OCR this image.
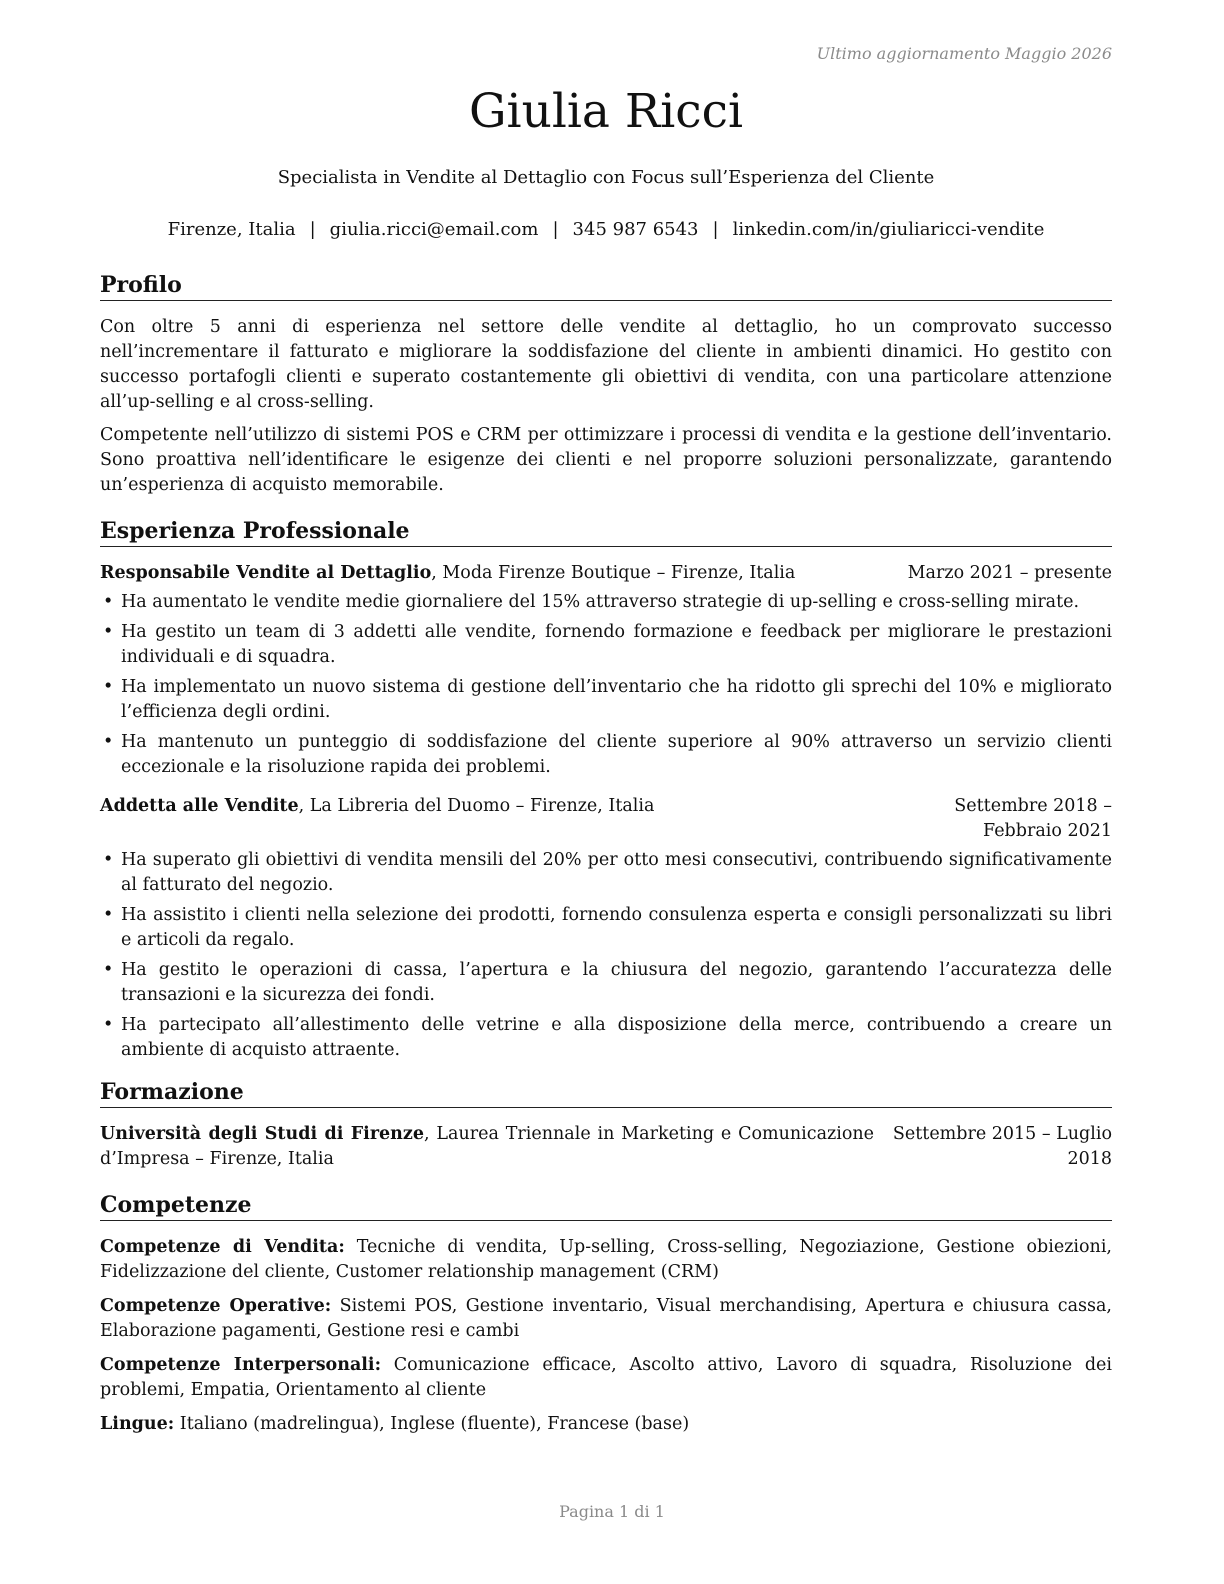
Ultimo aggiornamento Maggio 2026
Giulia Ricci
Specialista in Vendite al Dettaglio con Focus sull’Esperienza del Cliente
Firenze, Italia | giulia.ricci@email.com | 345 987 6543 | linkedin.com/in/giuliaricci-vendite
Profilo

Con oltre 5 anni di esperienza nel settore delle vendite al dettaglio, ho un comprovato successo nell’incrementare il fatturato e migliorare la soddisfazione del cliente in ambienti dinamici. Ho gestito con successo portafogli clienti e superato costantemente gli obiettivi di vendita, con una particolare attenzione all’up-selling e al cross-selling.

Competente nell’utilizzo di sistemi POS e CRM per ottimizzare i processi di vendita e la gestione dell’inventario. Sono proattiva nell’identificare le esigenze dei clienti e nel proporre soluzioni personalizzate, garantendo un’esperienza di acquisto memorabile.

Esperienza Professionale
Responsabile Vendite al Dettaglio, Moda Firenze Boutique – Firenze, Italia	Marzo 2021 – presente
• Ha aumentato le vendite medie giornaliere del 15% attraverso strategie di up-selling e cross-selling mirate.
• Ha gestito un team di 3 addetti alle vendite, fornendo formazione e feedback per migliorare le prestazioni individuali e di squadra.
• Ha implementato un nuovo sistema di gestione dell’inventario che ha ridotto gli sprechi del 10% e migliorato l’efficienza degli ordini.
• Ha mantenuto un punteggio di soddisfazione del cliente superiore al 90% attraverso un servizio clienti eccezionale e la risoluzione rapida dei problemi.
Addetta alle Vendite, La Libreria del Duomo – Firenze, Italia	Settembre 2018 – Febbraio 2021
• Ha superato gli obiettivi di vendita mensili del 20% per otto mesi consecutivi, contribuendo significativamente al fatturato del negozio.
• Ha assistito i clienti nella selezione dei prodotti, fornendo consulenza esperta e consigli personalizzati su libri e articoli da regalo.
• Ha gestito le operazioni di cassa, l’apertura e la chiusura del negozio, garantendo l’accuratezza delle transazioni e la sicurezza dei fondi.
• Ha partecipato all’allestimento delle vetrine e alla disposizione della merce, contribuendo a creare un ambiente di acquisto attraente.
Formazione
Università degli Studi di Firenze, Laurea Triennale in Marketing e Comunicazione d’Impresa – Firenze, Italia
Settembre 2015 – Luglio 2018
Competenze
Competenze di Vendita: Tecniche di vendita, Up-selling, Cross-selling, Negoziazione, Gestione obiezioni, Fidelizzazione del cliente, Customer relationship management (CRM)
Competenze Operative: Sistemi POS, Gestione inventario, Visual merchandising, Apertura e chiusura cassa, Elaborazione pagamenti, Gestione resi e cambi
Competenze Interpersonali: Comunicazione efficace, Ascolto attivo, Lavoro di squadra, Risoluzione dei problemi, Empatia, Orientamento al cliente
Lingue: Italiano (madrelingua), Inglese (fluente), Francese (base)
Pagina 1 di 1
